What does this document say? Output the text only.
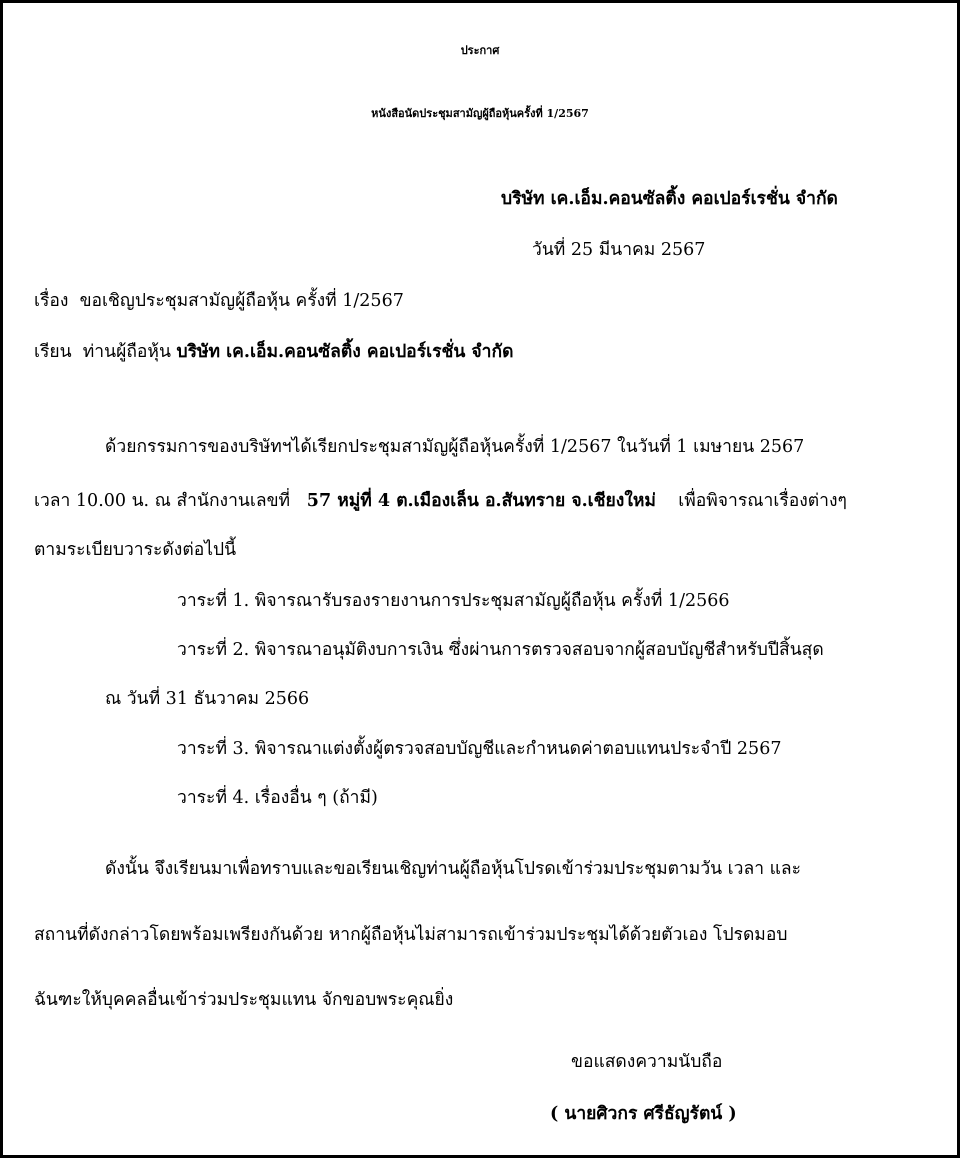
ประกาศ
หนังสือนัดประชุมสามัญผู้ถือหุ้นครั้งที่ 1/2567
บริษัท เค.เอ็ม.คอนซัลติ้ง คอเปอร์เรชั่น จำกัด
วันที่ 25 มีนาคม 2567
เรื่อง ขอเชิญประชุมสามัญผู้ถือหุ้น ครั้งที่ 1/2567
เรียน ท่านผู้ถือหุ้น บริษัท เค.เอ็ม.คอนซัลติ้ง คอเปอร์เรชั่น จำกัด
ด้วยกรรมการของบริษัทฯได้เรียกประชุมสามัญผู้ถือหุ้นครั้งที่ 1/2567 ในวันที่ 1 เมษายน 2567
เวลา 10.00 น. ณ สำนักงานเลขที่ 57 หมู่ที่ 4 ต.เมืองเล็น อ.สันทราย จ.เชียงใหม่ เพื่อพิจารณาเรื่องต่างๆ
ตามระเบียบวาระดังต่อไปนี้
วาระที่ 1. พิจารณารับรองรายงานการประชุมสามัญผู้ถือหุ้น ครั้งที่ 1/2566
วาระที่ 2. พิจารณาอนุมัติงบการเงิน ซึ่งผ่านการตรวจสอบจากผู้สอบบัญชีสำหรับปีสิ้นสุด
ณ วันที่ 31 ธันวาคม 2566
วาระที่ 3. พิจารณาแต่งตั้งผู้ตรวจสอบบัญชีและกำหนดค่าตอบแทนประจำปี 2567
วาระที่ 4. เรื่องอื่น ๆ (ถ้ามี)
ดังนั้น จึงเรียนมาเพื่อทราบและขอเรียนเชิญท่านผู้ถือหุ้นโปรดเข้าร่วมประชุมตามวัน เวลา และ
สถานที่ดังกล่าวโดยพร้อมเพรียงกันด้วย หากผู้ถือหุ้นไม่สามารถเข้าร่วมประชุมได้ด้วยตัวเอง โปรดมอบ
ฉันฑะให้บุคคลอื่นเข้าร่วมประชุมแทน จักขอบพระคุณยิ่ง
ขอแสดงความนับถือ
( นายศิวกร ศรีธัญรัตน์ )
